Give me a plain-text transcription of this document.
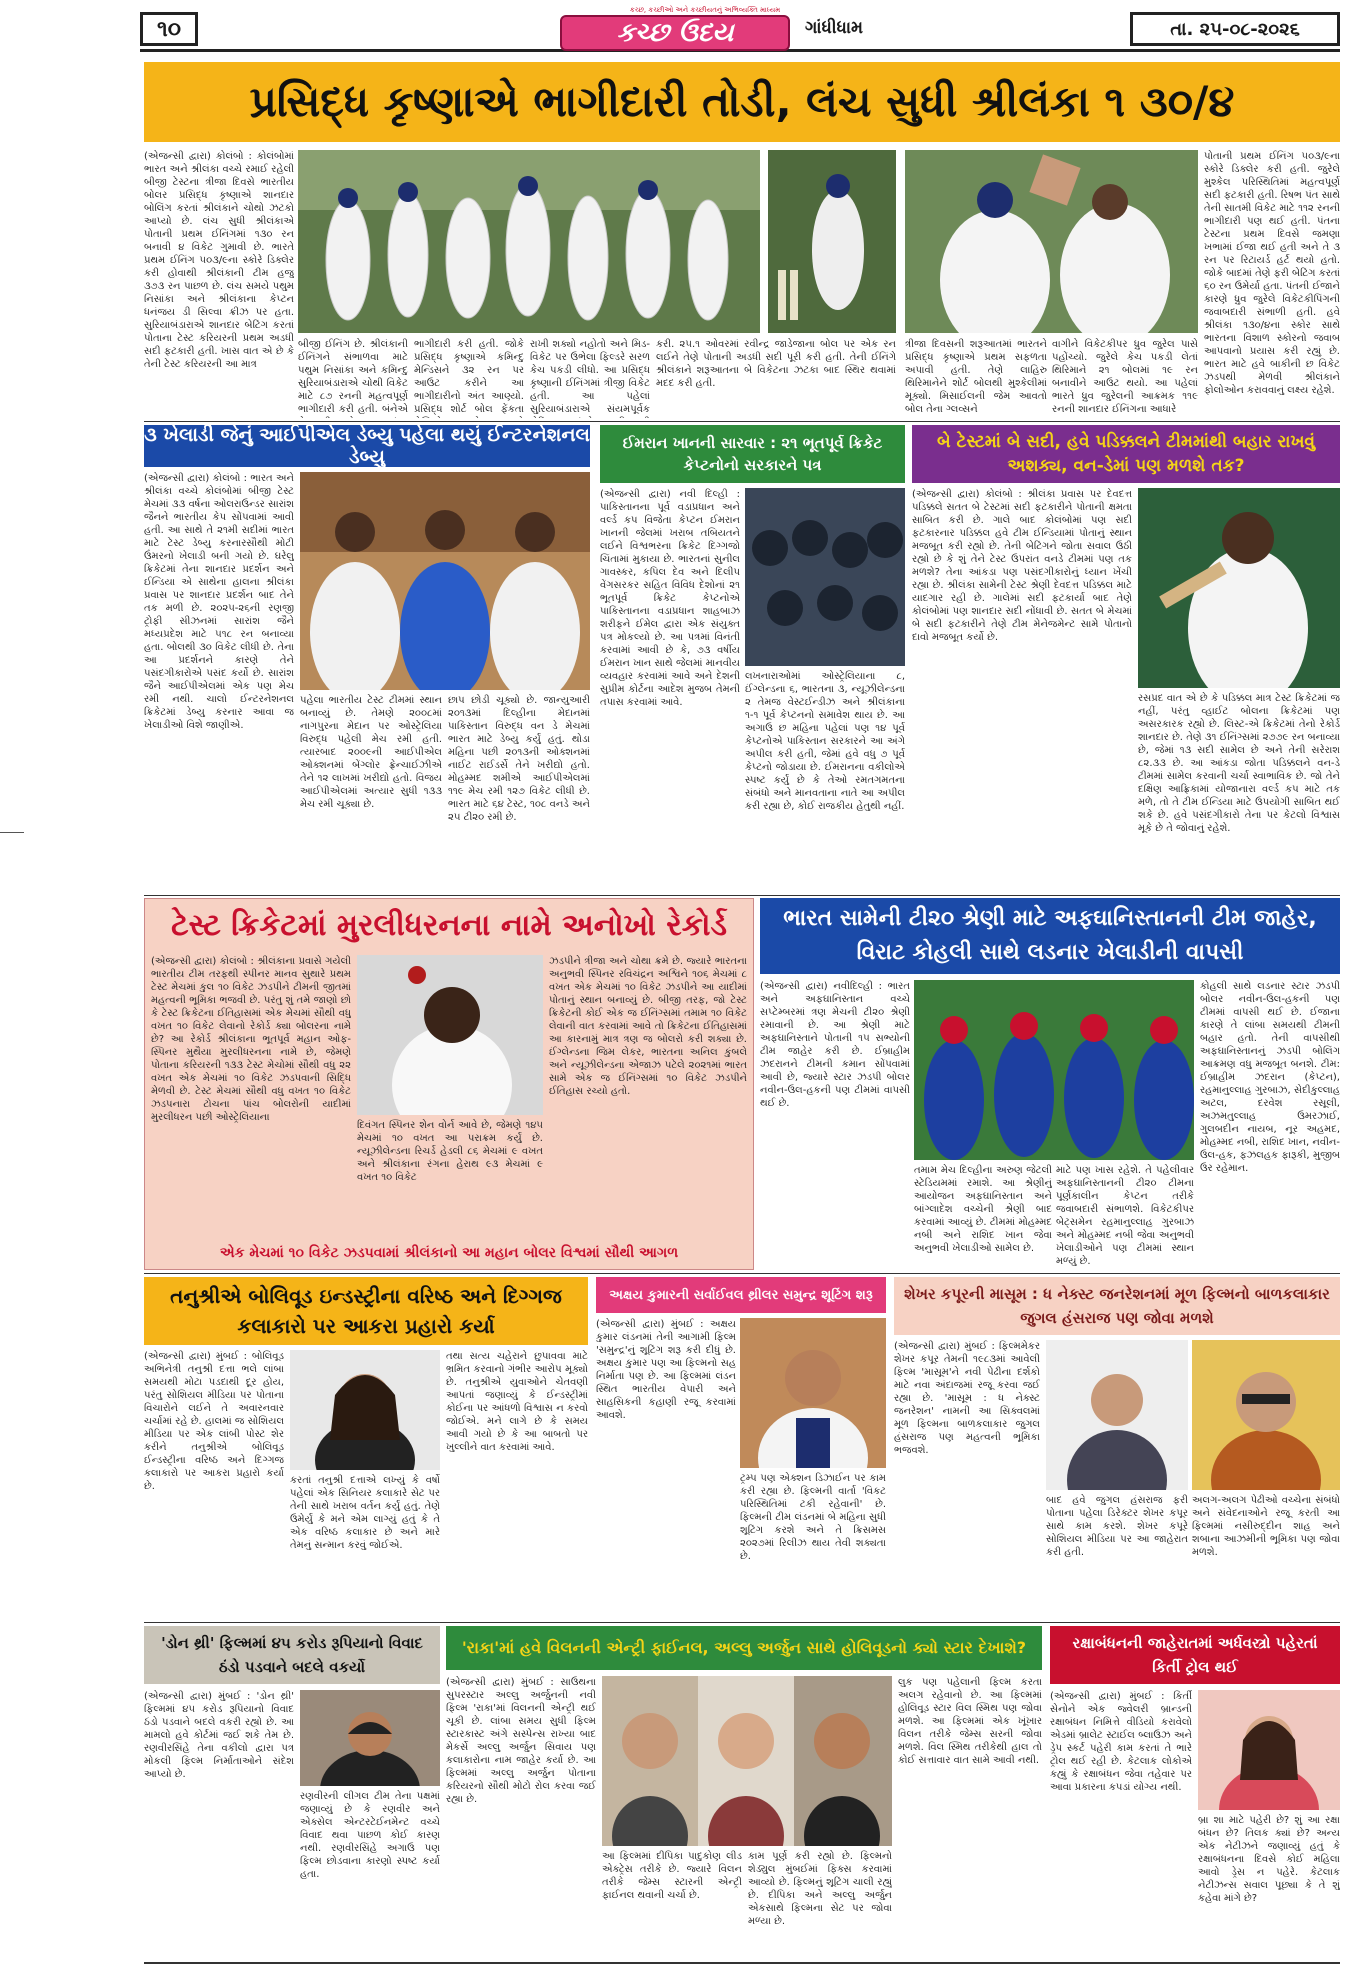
૧૦
કચ્છ, કચ્છીઓ અને કચ્છીયતનું અભિવ્યક્તિ માધ્યમ
કચ્છ ઉદય	ગાંધીધામ	તા. ૨૫-૦૮-૨૦૨૬
પ્રસિદ્ધ કૃષ્ણાએ ભાગીદારી તોડી, લંચ સુધી શ્રીલંકા ૧ ૩૦/૪
(એજન્સી દ્વારા) કોલંબો : કોલંબોમાં ભારત અને શ્રીલંકા વચ્ચે રમાઈ રહેલી બીજી ટેસ્ટના ત્રીજા દિવસે ભારતીય બોલર પ્રસિદ્ધ કૃષ્ણાએ શાનદાર બોલિંગ કરતાં શ્રીલંકાને ચોથો ઝટકો આપ્યો છે. લંચ સુધી શ્રીલંકાએ પોતાની પ્રથમ ઈનિંગમાં ૧૩૦ રન બનાવી ૪ વિકેટ ગુમાવી છે. ભારતે પ્રથમ ઈનિંગ ૫૦૩/૯ના સ્કોરે ડિક્લેર કરી હોવાથી શ્રીલંકાની ટીમ હજુ ૩૭૩ રન પાછળ છે. લંચ સમયે પથુમ નિસાંકા અને શ્રીલંકાના કેપ્ટન ધનંજય ડી સિલ્વા ક્રીઝ પર હતા. સુરિયાબંડારાએ શાનદાર બેટિંગ કરતાં પોતાના ટેસ્ટ કરિયરની પ્રથમ અડધી સદી ફટકારી હતી. ખાસ વાત એ છે કે તેની ટેસ્ટ કરિયરની આ માત્ર
પોતાની પ્રથમ ઈનિંગ ૫૦૩/૯ના સ્કોરે ડિક્લેર કરી હતી. જુરેલે મુશ્કેલ પરિસ્થિતિમાં મહત્વપૂર્ણ સદી ફટકારી હતી. રિષભ પંત સાથે તેની સાતમી વિકેટ માટે ૧૧૨ રનની ભાગીદારી પણ થઈ હતી. પંતના ટેસ્ટના પ્રથમ દિવસે જમણા ખભામાં ઈજા થઈ હતી અને તે ૩ રન પર રિટાયર્ડ હર્ટ થયો હતો. જોકે બાદમાં તેણે ફરી બેટિંગ કરતાં ૬૦ રન ઉમેર્યા હતા. પંતની ઈજાને કારણે ધ્રુવ જુરેલે વિકેટકીપિંગની જવાબદારી સંભાળી હતી. હવે શ્રીલંકા ૧૩૦/૪ના સ્કોર સાથે ભારતના વિશાળ સ્કોરનો જવાબ આપવાનો પ્રયાસ કરી રહ્યું છે. ભારત માટે હવે બાકીની છ વિકેટ ઝડપથી મેળવી શ્રીલંકાને ફોલોઓન કરાવવાનું લક્ષ્ય રહેશે.
બીજી ઈનિંગ છે. શ્રીલંકાની ઈનિંગને સંભાળવા માટે પથુમ નિસાંકા અને કમિન્દુ સુરિયાબંડારાએ ચોથી વિકેટ માટે ૮૭ રનની મહત્વપૂર્ણ ભાગીદારી કરી હતી. બંનેએ
ભાગીદારી કરી હતી. જોકે પ્રસિદ્ધ કૃષ્ણાએ કમિન્દુ મેન્ડિસને ૩૨ રન પર આઉટ કરીને આ ભાગીદારીનો અંત આણ્યો. પ્રસિદ્ધ શોર્ટ બોલ ફેંકતા
રાખી શક્યો નહોતો અને મિડ-વિકેટ પર ઉભેલા ફિલ્ડરે સરળ કેચ પકડી લીધો. આ પ્રસિદ્ધ કૃષ્ણાની ઈનિંગમાં ત્રીજી વિકેટ હતી. આ પહેલાં સુરિયાબંડારાએ સંયમપૂર્વક
કરી. ૨૫.૧ ઓવરમાં રવીન્દ્ર જાડેજાના બોલ પર એક રન લઈને તેણે પોતાની અડધી સદી પૂરી કરી હતી. તેની ઈનિંગે શ્રીલંકાને શરૂઆતના બે વિકેટના ઝટકા બાદ સ્થિર થવામાં મદદ કરી હતી.
ત્રીજા દિવસની શરૂઆતમાં ભારતને પ્રસિદ્ધ કૃષ્ણાએ પ્રથમ સફળતા અપાવી હતી. તેણે લાહિરુ થિરિમાનેને શોર્ટ બોલથી મુશ્કેલીમાં મૂક્યો. મિસાઈલની જેમ આવતો બોલ તેના ગ્લવ્સને
વાગીને વિકેટકીપર ધ્રુવ જુરેલ પાસે પહોંચ્યો. જુરેલે કેચ પકડી લેતાં થિરિમાને ૨૧ બોલમાં ૧૯ રન બનાવીને આઉટ થયો. આ પહેલાં ભારતે ધ્રુવ જુરેલની આક્રમક ૧૧૯ રનની શાનદાર ઈનિંગના આધારે
૩ ખેલાડી જેનું આઈપીએલ ડેબ્યુ પહેલા થયું ઈન્ટરનેશનલ ડેબ્યુ
(એજન્સી દ્વારા) કોલંબો : ભારત અને શ્રીલંકા વચ્ચે કોલંબોમાં બીજી ટેસ્ટ મેચમાં ૩૩ વર્ષના ઓલરાઉન્ડર સારાંશ જૈનને ભારતીય કેપ સોંપવામાં આવી હતી. આ સાથે તે ૨૧મી સદીમાં ભારત માટે ટેસ્ટ ડેબ્યુ કરનારસૌથી મોટી ઉંમરનો ખેલાડી બની ગયો છે. ઘરેલુ ક્રિકેટમાં તેના શાનદાર પ્રદર્શન અને ઈન્ડિયા એ સાથેના હાલના શ્રીલંકા પ્રવાસ પર શાનદાર પ્રદર્શન બાદ તેને તક મળી છે. ૨૦૨૫-૨૬ની રણજી ટ્રોફી સીઝનમાં સારાંશ જૈને મધ્યપ્રદેશ માટે ૫૧૮ રન બનાવ્યા હતા. બોલથી ૩૦ વિકેટ લીધી છે. તેના આ પ્રદર્શનને કારણે તેને પસંદગીકારોએ પસંદ કર્યો છે. સારાંશ જૈને આઈપીએલમાં એક પણ મેચ રમી નથી. ચાલો ઈન્ટરનેશનલ ક્રિકેટમાં ડેબ્યુ કરનાર આવા જ ખેલાડીઓ વિશે જાણીએ.
પહેલા ભારતીય ટેસ્ટ ટીમમાં સ્થાન બનાવ્યું છે. તેમણે ૨૦૦૮માં નાગપુરના મેદાન પર ઓસ્ટ્રેલિયા વિરુદ્ધ પહેલી મેચ રમી હતી. ત્યારબાદ ૨૦૦૯ની આઈપીએલ ઓક્શનમાં બેંગ્લોર ફ્રેન્ચાઈઝીએ તેને ૧૨ લાખમાં ખરીદ્યો હતો. વિજય આઈપીએલમાં અત્યાર સુધી ૧૩૩ મેચ રમી ચૂક્યા છે.
છાપ છોડી ચૂક્યો છે. જાન્યુઆરી ૨૦૧૩માં દિલ્હીના મેદાનમાં પાકિસ્તાન વિરુદ્ધ વન ડે મેચમાં ભારત માટે ડેબ્યુ કર્યું હતું. થોડા મહિના પછી ૨૦૧૩ની ઓક્શનમાં નાઈટ રાઈડર્સે તેને ખરીદ્યો હતો. મોહમ્મદ શમીએ આઈપીએલમાં ૧૧૯ મેચ રમી ૧૨૭ વિકેટ લીધી છે. ભારત માટે ૬૪ ટેસ્ટ, ૧૦૮ વનડે અને ૨૫ ટી૨૦ રમી છે.
ઈમરાન ખાનની સારવાર : ૨૧ ભૂતપૂર્વ ક્રિકેટ કેપ્ટનોનો સરકારને પત્ર
(એજન્સી દ્વારા) નવી દિલ્હી : પાકિસ્તાનના પૂર્વ વડાપ્રધાન અને વર્લ્ડ કપ વિજેતા કેપ્ટન ઈમરાન ખાનની જેલમાં ખરાબ તબિયતને લઈને વિશ્વભરના ક્રિકેટ દિગ્ગજો ચિંતામાં મુકાયા છે. ભારતનાં સુનીલ ગાવસ્કર, કપિલ દેવ અને દિલીપ વેંગસરકર સહિત વિવિધ દેશોનાં ૨૧ ભૂતપૂર્વ ક્રિકેટ કેપ્ટનોએ પાકિસ્તાનના વડાપ્રધાન શાહબાઝ શરીફને ઈમેલ દ્વારા એક સંયુક્ત પત્ર મોકલ્યો છે. આ પત્રમાં વિનંતી કરવામાં આવી છે કે, ૭૩ વર્ષીય ઈમરાન ખાન સાથે જેલમાં માનવીય વ્યવહાર કરવામાં આવે અને દેશની સુપ્રીમ કોર્ટના આદેશ મુજબ તેમની તપાસ કરવામાં આવે.
લખનારાઓમાં ઓસ્ટ્રેલિયાના ૮, ઈંગ્લેન્ડના ૬, ભારતના ૩, ન્યૂઝીલેન્ડના ૨ તેમજ વેસ્ટઈન્ડીઝ અને શ્રીલંકાના ૧-૧ પૂર્વ કેપ્ટનનો સમાવેશ થાય છે. આ અગાઉ છ મહિના પહેલાં પણ ૧૪ પૂર્વ કેપ્ટનોએ પાકિસ્તાન સરકારને આ અંગે અપીલ કરી હતી, જેમાં હવે વધુ ૭ પૂર્વ કેપ્ટનો જોડાયા છે. ઈમરાનના વકીલોએ સ્પષ્ટ કર્યું છે કે તેઓ રમતગમતના સંબંધો અને માનવતાના નાતે આ અપીલ કરી રહ્યા છે, કોઈ રાજકીય હેતુથી નહીં.
બે ટેસ્ટમાં બે સદી, હવે પડિક્કલને ટીમમાંથી બહાર રાખવું અશક્ય, વન-ડેમાં પણ મળશે તક?
(એજન્સી દ્વારા) કોલંબો : શ્રીલંકા પ્રવાસ પર દેવદત્ત પડિક્કલે સતત બે ટેસ્ટમાં સદી ફટકારીને પોતાની ક્ષમતા સાબિત કરી છે. ગાલે બાદ કોલંબોમાં પણ સદી ફટકારનાર પડિક્કલ હવે ટીમ ઈન્ડિયામાં પોતાનું સ્થાન મજબૂત કરી રહ્યો છે. તેની બેટિંગને જોતા સવાલ ઉઠી રહ્યો છે કે શું તેને ટેસ્ટ ઉપરાંત વનડે ટીમમાં પણ તક મળશે? તેના આંકડા પણ પસંદગીકારોનું ધ્યાન ખેંચી રહ્યા છે. શ્રીલંકા સામેની ટેસ્ટ શ્રેણી દેવદત્ત પડિક્કલ માટે યાદગાર રહી છે. ગાલેમાં સદી ફટકાર્યા બાદ તેણે કોલંબોમાં પણ શાનદાર સદી નોંધાવી છે. સતત બે મેચમાં બે સદી ફટકારીને તેણે ટીમ મેનેજમેન્ટ સામે પોતાનો દાવો મજબૂત કર્યો છે.
રસપ્રદ વાત એ છે કે પડિક્કલ માત્ર ટેસ્ટ ક્રિકેટમાં જ નહીં, પરંતુ વ્હાઈટ બોલના ક્રિકેટમાં પણ અસરકારક રહ્યો છે. લિસ્ટ-એ ક્રિકેટમાં તેનો રેકોર્ડ શાનદાર છે. તેણે ૩૧ ઈનિંગ્સમાં ૨૭૭૯ રન બનાવ્યા છે, જેમાં ૧૩ સદી સામેલ છે અને તેની સરેરાશ ૮૨.૩૩ છે. આ આંકડા જોતા પડિક્કલને વન-ડે ટીમમાં સામેલ કરવાની ચર્ચા સ્વાભાવિક છે. જો તેને દક્ષિણ આફ્રિકામાં યોજાનારા વર્લ્ડ કપ માટે તક મળે, તો તે ટીમ ઈન્ડિયા માટે ઉપયોગી સાબિત થઈ શકે છે. હવે પસંદગીકારો તેના પર કેટલો વિશ્વાસ મૂકે છે તે જોવાનું રહેશે.
ટેસ્ટ ક્રિકેટમાં મુરલીધરનના નામે અનોખો રેકોર્ડ
(એજન્સી દ્વારા) કોલંબો : શ્રીલંકાના પ્રવાસે ગયેલી ભારતીય ટીમ તરફથી સ્પીનર માનવ સુથારે પ્રથમ ટેસ્ટ મેચમાં કુલ ૧૦ વિકેટ ઝડપીને ટીમની જીતમાં મહત્વની ભૂમિકા ભજવી છે. પરંતુ શું તમે જાણો છો કે ટેસ્ટ ક્રિકેટના ઈતિહાસમાં એક મેચમાં સૌથી વધુ વખત ૧૦ વિકેટ લેવાનો રેકોર્ડ ક્યા બોલરના નામે છે? આ રેકોર્ડ શ્રીલંકાના ભૂતપૂર્વ મહાન ઓફ-સ્પિનર મુથૈયા મુરલીધરનના નામે છે, જેમણે પોતાના કરિયરની ૧૩૩ ટેસ્ટ મેચોમાં સૌથી વધુ ૨૨ વખત એક મેચમાં ૧૦ વિકેટ ઝડપવાની સિદ્ધિ મેળવી છે. ટેસ્ટ મેચમાં સૌથી વધુ વખત ૧૦ વિકેટ ઝડપનારા ટોચના પાંચ બોલરોની યાદીમાં મુરલીધરન પછી ઓસ્ટ્રેલિયાના
દિવંગત સ્પિનર શેન વોર્ન આવે છે, જેમણે ૧૪૫ મેચમાં ૧૦ વખત આ પરાક્રમ કર્યું છે. ન્યૂઝીલેન્ડના રિચર્ડ હેડલી ૮૬ મેચમાં ૯ વખત અને શ્રીલંકાના રંગના હેરાથ ૯૩ મેચમાં ૯ વખત ૧૦ વિકેટ
ઝડપીને ત્રીજા અને ચોથા ક્રમે છે. જ્યારે ભારતના અનુભવી સ્પિનર રવિચંદ્રન અશ્વિને ૧૦૬ મેચમાં ૮ વખત એક મેચમાં ૧૦ વિકેટ ઝડપીને આ યાદીમાં પોતાનું સ્થાન બનાવ્યું છે. બીજી તરફ, જો ટેસ્ટ ક્રિકેટની કોઈ એક જ ઈનિંગ્સમાં તમામ ૧૦ વિકેટ લેવાની વાત કરવામાં આવે તો ક્રિકેટના ઈતિહાસમાં આ કારનામું માત્ર ત્રણ જ બોલરો કરી શક્યા છે. ઈંગ્લેન્ડના જિમ લેકર, ભારતના અનિલ કુંબલે અને ન્યૂઝીલેન્ડના એજાઝ પટેલે ૨૦૨૧માં ભારત સામે એક જ ઈનિંગ્સમાં ૧૦ વિકેટ ઝડપીને ઈતિહાસ રચ્યો હતો.
એક મેચમાં ૧૦ વિકેટ ઝડપવામાં શ્રીલંકાનો આ મહાન બોલર વિશ્વમાં સૌથી આગળ
ભારત સામેની ટી૨૦ શ્રેણી માટે અફઘાનિસ્તાનની ટીમ જાહેર, વિરાટ કોહલી સાથે લડનાર ખેલાડીની વાપસી
(એજન્સી દ્વારા) નવીદિલ્હી : ભારત અને અફઘાનિસ્તાન વચ્ચે સપ્ટેમ્બરમાં ત્રણ મેચની ટી૨૦ શ્રેણી રમાવાની છે. આ શ્રેણી માટે અફઘાનિસ્તાને પોતાની ૧૫ સભ્યોની ટીમ જાહેર કરી છે. ઈબ્રાહીમ ઝદરાનને ટીમની કમાન સોંપવામાં આવી છે, જ્યારે સ્ટાર ઝડપી બોલર નવીન-ઉલ-હકની પણ ટીમમાં વાપસી થઈ છે.
કોહલી સાથે લડનાર સ્ટાર ઝડપી બોલર નવીન-ઉલ-હકની પણ ટીમમાં વાપસી થઈ છે. ઈજાના કારણે તે લાંબા સમયથી ટીમની બહાર હતો. તેની વાપસીથી અફઘાનિસ્તાનનું ઝડપી બોલિંગ આક્રમણ વધુ મજબૂત બનશે. ટીમ: ઈબ્રાહીમ ઝદરાન (કેપ્ટન), રહમાનુલ્લાહ ગુરબાઝ, સેદીકુલ્લાહ અટલ, દરવેશ રસૂલી, અઝમતુલ્લાહ ઉમરઝાઈ, ગુલબદીન નાયબ, નૂર અહમદ, મોહમ્મદ નબી, રાશિદ ખાન, નવીન-ઉલ-હક, ફઝલહક ફારૂકી, મુજીબ ઉર રહેમાન.
તમામ મેચ દિલ્હીના અરુણ જેટલી સ્ટેડિયમમાં રમાશે. આ શ્રેણીનું આયોજન અફઘાનિસ્તાન અને બાંગ્લાદેશ વચ્ચેની શ્રેણી બાદ કરવામાં આવ્યું છે. ટીમમાં મોહમ્મદ નબી અને રાશિદ ખાન જેવા અનુભવી ખેલાડીઓ સામેલ છે.
માટે પણ ખાસ રહેશે. તે પહેલીવાર અફઘાનિસ્તાનની ટી૨૦ ટીમના પૂર્ણકાલીન કેપ્ટન તરીકે જવાબદારી સંભાળશે. વિકેટકીપર બેટ્સમેન રહમાનુલ્લાહ ગુરબાઝ અને મોહમ્મદ નબી જેવા અનુભવી ખેલાડીઓને પણ ટીમમાં સ્થાન મળ્યું છે.
તનુશ્રીએ બોલિવૂડ ઇન્ડસ્ટ્રીના વરિષ્ઠ અને દિગ્ગજ કલાકારો પર આકરા પ્રહારો કર્યા
(એજન્સી દ્વારા) મુંબઈ : બોલિવૂડ અભિનેત્રી તનુશ્રી દત્તા ભલે લાંબા સમયથી મોટા પડદાથી દૂર હોય, પરંતુ સોશિયલ મીડિયા પર પોતાના વિચારોને લઈને તે અવારનવાર ચર્ચામાં રહે છે. હાલમાં જ સોશિયલ મીડિયા પર એક લાંબી પોસ્ટ શેર કરીને તનુશ્રીએ બોલિવૂડ ઈન્ડસ્ટ્રીના વરિષ્ઠ અને દિગ્ગજ કલાકારો પર આકરા પ્રહારો કર્યા છે.
કરતાં તનુશ્રી દત્તાએ લખ્યું કે વર્ષો પહેલાં એક સિનિયર કલાકારે સેટ પર તેની સાથે ખરાબ વર્તન કર્યું હતું. તેણે ઉમેર્યું કે મને એમ લાગ્યું હતું કે તે એક વરિષ્ઠ કલાકાર છે અને મારે તેમનું સન્માન કરવું જોઈએ.
તથા સત્ય ચહેરાને છુપાવવા માટે ભ્રમિત કરવાનો ગંભીર આરોપ મૂક્યો છે. તનુશ્રીએ યુવાઓને ચેતવણી આપતાં જણાવ્યું કે ઈન્ડસ્ટ્રીમાં કોઈના પર આંધળો વિશ્વાસ ન કરવો જોઈએ. મને લાગે છે કે સમય આવી ગયો છે કે આ બાબતો પર ખુલ્લીને વાત કરવામાં આવે.
અક્ષય કુમારની સર્વાઈવલ થ્રીલર સમુન્દ્ર શૂટિંગ શરૂ
(એજન્સી દ્વારા) મુંબઈ : અક્ષય કુમાર લંડનમાં તેની આગામી ફિલ્મ 'સમુન્દ્ર'નું શૂટિંગ શરૂ કરી દીધું છે. અક્ષય કુમાર પણ આ ફિલ્મનો સહ નિર્માતા પણ છે. આ ફિલ્મમાં લંડન સ્થિત ભારતીય વેપારી અને સાહસિકની કહાણી રજૂ કરવામાં આવશે.
ટ્રમ્પ પણ એક્શન ડિઝાઈન પર કામ કરી રહ્યા છે. ફિલ્મની વાર્તા 'વિકટ પરિસ્થિતિમાં ટકી રહેવાની' છે. ફિલ્મની ટીમ લંડનમાં બે મહિના સુધી શૂટિંગ કરશે અને તે ક્રિસમસ ૨૦૨૭માં રિલીઝ થાય તેવી શક્યતા છે.
શેખર કપૂરની માસૂમ : ધ નેક્સ્ટ જનરેશનમાં મૂળ ફિલ્મનો બાળકલાકાર જુગલ હંસરાજ પણ જોવા મળશે
(એજન્સી દ્વારા) મુંબઈ : ફિલ્મમેકર શેખર કપૂર તેમની ૧૯૮૩માં આવેલી ફિલ્મ 'માસૂમ'ને નવી પેઢીના દર્શકો માટે નવા અંદાજમાં રજૂ કરવા જઈ રહ્યા છે. 'માસૂમ : ધ નેક્સ્ટ જનરેશન' નામની આ સિક્વલમાં મૂળ ફિલ્મના બાળકલાકાર જુગલ હંસરાજ પણ મહત્વની ભૂમિકા ભજવશે.
બાદ હવે જુગલ હંસરાજ ફરી પોતાના પહેલા ડિરેક્ટર શેખર કપૂર સાથે કામ કરશે. શેખર કપૂરે સોશિયલ મીડિયા પર આ જાહેરાત કરી હતી.
અલગ-અલગ પેઢીઓ વચ્ચેના સંબંધો અને સંવેદનાઓને રજૂ કરતી આ ફિલ્મમાં નસીરુદ્દીન શાહ અને શબાના આઝમીની ભૂમિકા પણ જોવા મળશે.
'ડોન થ્રી' ફિલ્મમાં ૪૫ કરોડ રૂપિયાનો વિવાદ ઠંડો પડવાને બદલે વકર્યો
(એજન્સી દ્વારા) મુંબઈ : 'ડોન થ્રી' ફિલ્મમાં ૪૫ કરોડ રૂપિયાનો વિવાદ ઠંડો પડવાને બદલે વકરી રહ્યો છે. આ મામલો હવે કોર્ટમાં જઈ શકે તેમ છે. રણવીરસિંહે તેના વકીલો દ્વારા પત્ર મોકલી ફિલ્મ નિર્માતાઓને સંદેશ આપ્યો છે.
રણવીરની લીગલ ટીમ તેના પક્ષમાં જણાવ્યું છે કે રણવીર અને એક્સેલ એન્ટરટેઈનમેન્ટ વચ્ચે વિવાદ થવા પાછળ કોઈ કારણ નથી. રણવીરસિંહે અગાઉ પણ ફિલ્મ છોડવાના કારણો સ્પષ્ટ કર્યા હતા.
'રાકા'માં હવે વિલનની એન્ટ્રી ફાઈનલ, અલ્લુ અર્જુન સાથે હોલિવૂડનો ક્યો સ્ટાર દેખાશે?
(એજન્સી દ્વારા) મુંબઈ : સાઉથના સુપરસ્ટાર અલ્લુ અર્જુનની નવી ફિલ્મ 'રાકા'માં વિલનની એન્ટ્રી થઈ ચૂકી છે. લાંબા સમય સુધી ફિલ્મ સ્ટારકાસ્ટ અંગે સસ્પેન્સ રાખ્યા બાદ મેકર્સે અલ્લુ અર્જુન સિવાય પણ કલાકારોના નામ જાહેર કર્યા છે. આ ફિલ્મમાં અલ્લુ અર્જુન પોતાના કરિયરનો સૌથી મોટો રોલ કરવા જઈ રહ્યા છે.
આ ફિલ્મમાં દીપિકા પાદુકોણ લીડ એક્ટ્રેસ તરીકે છે. જ્યારે વિલન તરીકે જેમ્સ સ્ટારની એન્ટ્રી ફાઈનલ થવાની ચર્ચા છે.
કામ પૂર્ણ કરી રહ્યો છે. ફિલ્મનો શેડ્યુલ મુંબઈમાં ફિક્સ કરવામાં આવ્યો છે. ફિલ્મનું શૂટિંગ ચાલી રહ્યું છે. દીપિકા અને અલ્લુ અર્જુન એકસાથે ફિલ્મના સેટ પર જોવા મળ્યા છે.
લુક પણ પહેલાની ફિલ્મ કરતા અલગ રહેવાનો છે. આ ફિલ્મમાં હોલિવૂડ સ્ટાર વિલ સ્મિથ પણ જોવા મળશે. આ ફિલ્મમાં એક ખૂંખાર વિલન તરીકે જેમ્સ સરની જોવા મળશે. વિલ સ્મિથ તરીકેથી હાલ તો કોઈ સત્તાવાર વાત સામે આવી નથી.
રક્ષાબંધનની જાહેરાતમાં અર્ધવસ્ત્રો પહેરતાં કિર્તી ટ્રોલ થઈ
(એજન્સી દ્વારા) મુંબઈ : કિર્તી સેનોને એક જ્વેલરી બ્રાન્ડની રક્ષાબંધન નિમિત્તે વીડિયો કરાવેલો એડમાં બ્રાલેટ સ્ટાઈલ બ્લાઉઝ અને ડ્રેપ સ્કર્ટ પહેરી કામ કરતાં તે ભારે ટ્રોલ થઈ રહી છે. કેટલાક લોકોએ કહ્યું કે રક્ષાબંધન જેવા તહેવાર પર આવા પ્રકારના કપડાં યોગ્ય નથી.
બ્રા શા માટે પહેરી છે? શું આ રક્ષા બંધન છે? તિલક ક્યાં છે? અન્ય એક નેટીઝને જણાવ્યું હતું કે રક્ષાબંધનના દિવસે કોઈ મહિલા આવો ડ્રેસ ન પહેરે. કેટલાક નેટીઝન્સ સવાલ પૂછ્યા કે તે શું કહેવા માંગે છે?
